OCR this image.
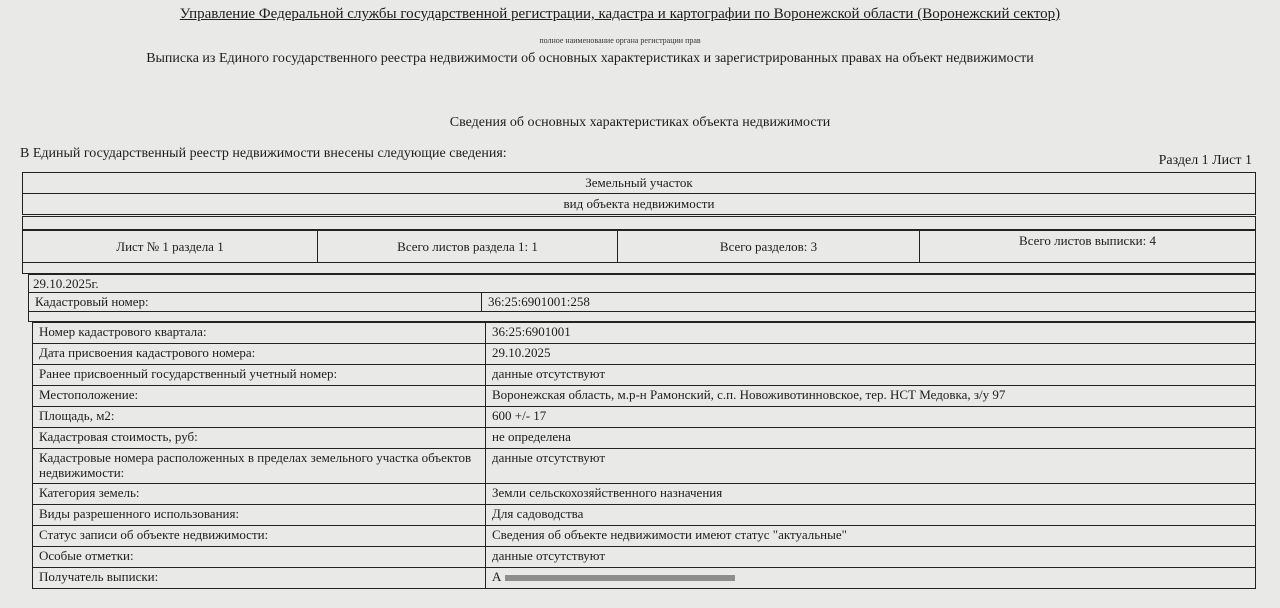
Управление Федеральной службы государственной регистрации, кадастра и картографии по Воронежской области (Воронежский сектор)
полное наименование органа регистрации прав
Выписка из Единого государственного реестра недвижимости об основных характеристиках и зарегистрированных правах на объект недвижимости
Сведения об основных характеристиках объекта недвижимости
В Единый государственный реестр недвижимости внесены следующие сведения:	Раздел 1 Лист 1
Земельный участок
вид объекта недвижимости
Лист № 1 раздела 1	Всего листов раздела 1: 1	Всего разделов: 3	Всего листов выписки: 4
29.10.2025г.
Кадастровый номер:	36:25:6901001:258
Номер кадастрового квартала:	36:25:6901001
Дата присвоения кадастрового номера:	29.10.2025
Ранее присвоенный государственный учетный номер:	данные отсутствуют
Местоположение:	Воронежская область, м.р-н Рамонский, с.п. Новоживотинновское, тер. НСТ Медовка, з/у 97
Площадь, м2:	600 +/- 17
Кадастровая стоимость, руб:	не определена
Кадастровые номера расположенных в пределах земельного участка объектов недвижимости:
данные отсутствуют
Категория земель:	Земли сельскохозяйственного назначения
Виды разрешенного использования:	Для садоводства
Статус записи об объекте недвижимости:	Сведения об объекте недвижимости имеют статус "актуальные"
Особые отметки:	данные отсутствуют
Получатель выписки:	А
